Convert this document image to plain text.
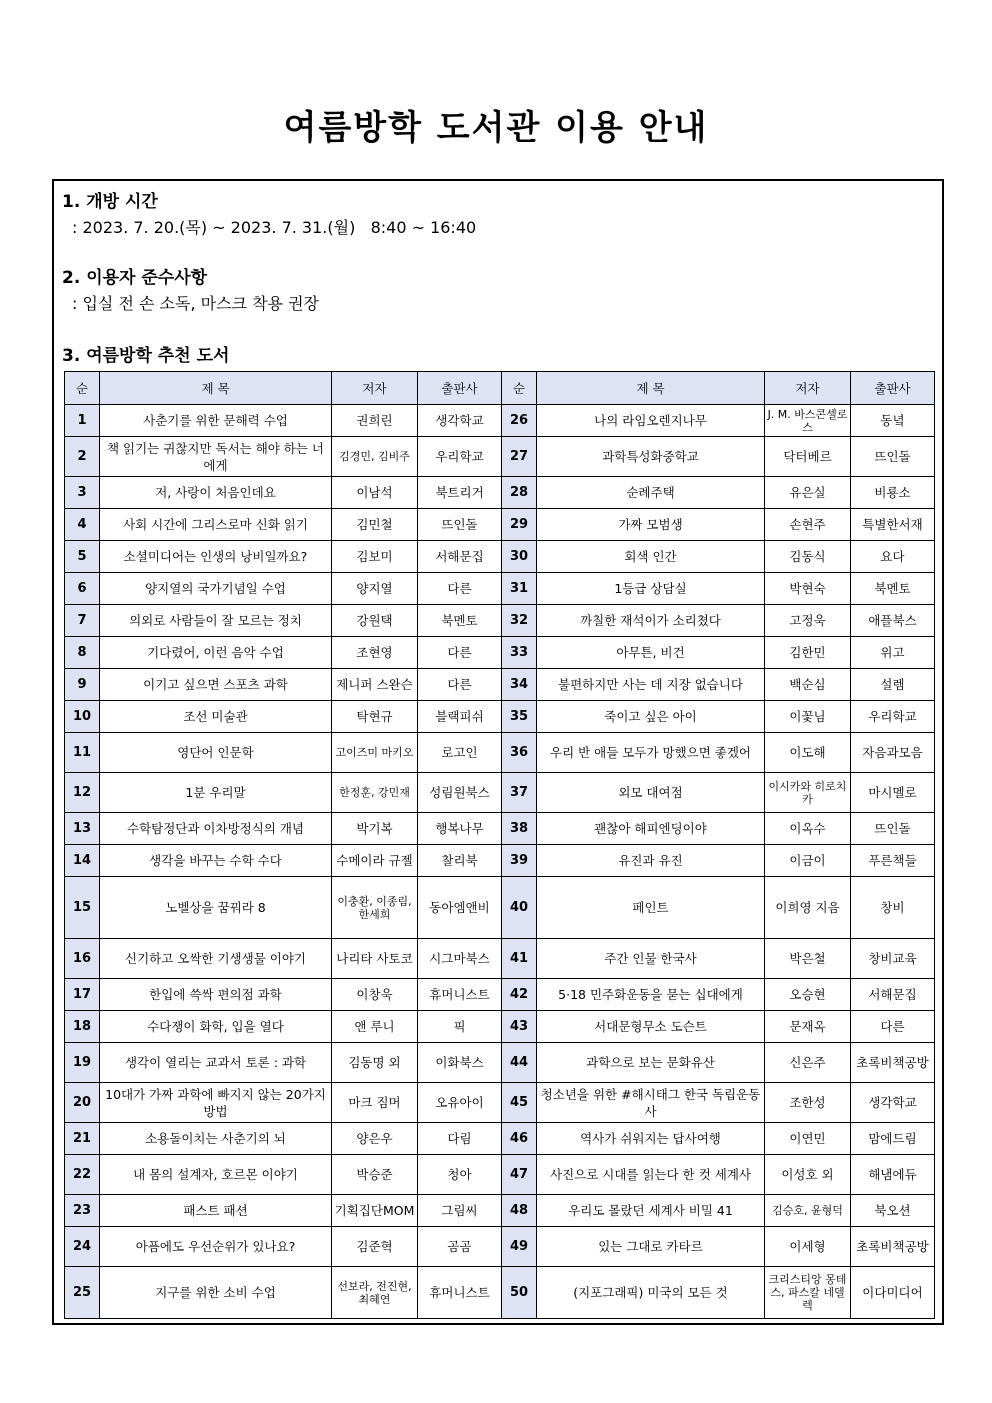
여름방학 도서관 이용 안내
1. 개방 시간
: 2023. 7. 20.(목) ~ 2023. 7. 31.(월)   8:40 ~ 16:40
2. 이용자 준수사항
: 입실 전 손 소독, 마스크 착용 권장
3. 여름방학 추천 도서
순	제 목	저자	출판사	순	제 목	저자	출판사
1	사춘기를 위한 문해력 수업	권희린	생각학교	26	나의 라임오렌지나무	J. M. 바스콘셀로스	동녘
2	책 읽기는 귀찮지만 독서는 해야 하는 너에게	김경민, 김비주	우리학교	27	과학특성화중학교	닥터베르	뜨인돌
3	저, 사랑이 처음인데요	이남석	북트리거	28	순례주택	유은실	비룡소
4	사회 시간에 그리스로마 신화 읽기	김민철	뜨인돌	29	가짜 모범생	손현주	특별한서재
5	소셜미디어는 인생의 낭비일까요?	김보미	서해문집	30	회색 인간	김동식	요다
6	양지열의 국가기념일 수업	양지열	다른	31	1등급 상담실	박현숙	북멘토
7	의외로 사람들이 잘 모르는 정치	강원택	북멘토	32	까칠한 재석이가 소리쳤다	고정욱	애플북스
8	기다렸어, 이런 음악 수업	조현영	다른	33	아무튼, 비건	김한민	위고
9	이기고 싶으면 스포츠 과학	제니퍼 스완슨	다른	34	불편하지만 사는 데 지장 없습니다	백순심	설렘
10	조선 미술관	탁현규	블랙피쉬	35	죽이고 싶은 아이	이꽃님	우리학교
11	영단어 인문학	고이즈미 마키오	로고인	36	우리 반 애들 모두가 망했으면 좋겠어	이도해	자음과모음
12	1분 우리말	한정훈, 강민재	성림원북스	37	외모 대여점	이시카와 히로치카	마시멜로
13	수학탐정단과 이차방정식의 개념	박기복	행복나무	38	괜찮아 해피엔딩이야	이옥수	뜨인돌
14	생각을 바꾸는 수학 수다	수메이라 규젤	찰리북	39	유진과 유진	이금이	푸른책들
15	노벨상을 꿈꿔라 8	이충환, 이종림, 한세희	동아엠앤비	40	페인트	이희영 지음	창비
16	신기하고 오싹한 기생생물 이야기	나리타 사토코	시그마북스	41	주간 인물 한국사	박은철	창비교육
17	한입에 쓱싹 편의점 과학	이창욱	휴머니스트	42	5·18 민주화운동을 묻는 십대에게	오승현	서해문집
18	수다쟁이 화학, 입을 열다	앤 루니	픽	43	서대문형무소 도슨트	문재옥	다른
19	생각이 열리는 교과서 토론 : 과학	김동명 외	이화북스	44	과학으로 보는 문화유산	신은주	초록비책공방
20	10대가 가짜 과학에 빠지지 않는 20가지 방법	마크 짐머	오유아이	45	청소년을 위한 #해시태그 한국 독립운동사	조한성	생각학교
21	소용돌이치는 사춘기의 뇌	양은우	다림	46	역사가 쉬워지는 답사여행	이연민	맘에드림
22	내 몸의 설계자, 호르몬 이야기	박승준	청아	47	사진으로 시대를 읽는다 한 컷 세계사	이성호 외	해냄에듀
23	패스트 패션	기획집단MOM	그림씨	48	우리도 몰랐던 세계사 비밀 41	김승호, 윤형덕	북오션
24	아픔에도 우선순위가 있나요?	김준혁	곰곰	49	있는 그대로 카타르	이세형	초록비책공방
25	지구를 위한 소비 수업	선보라, 전진현, 최혜연	휴머니스트	50	(지포그래픽) 미국의 모든 것	크리스티앙 몽테스, 파스칼 네델렉	이다미디어
